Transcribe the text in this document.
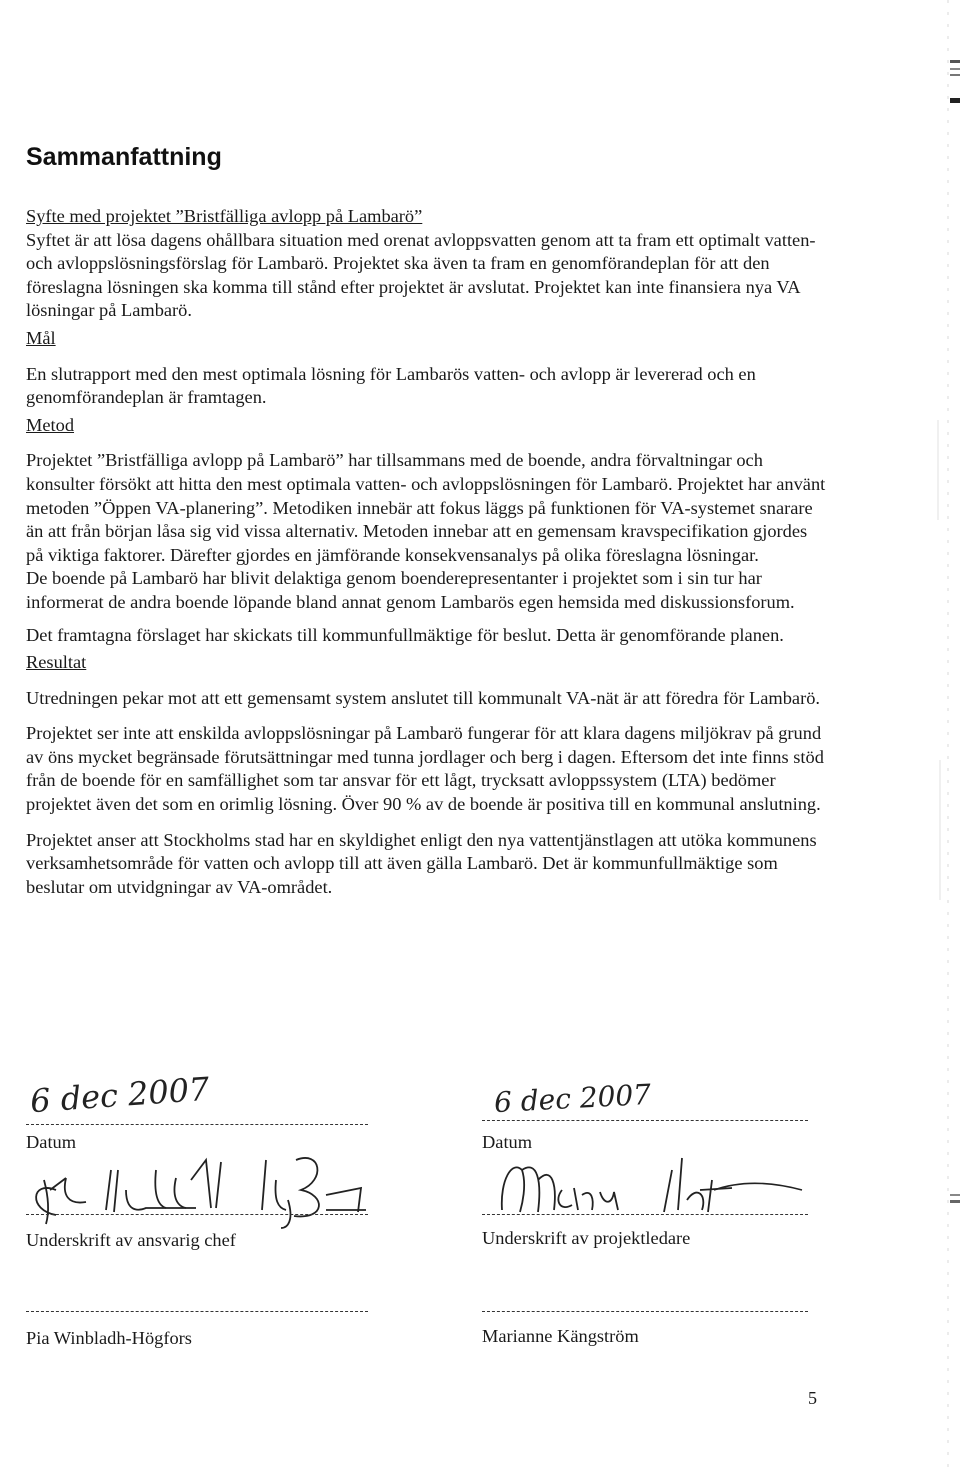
Sammanfattning

Syfte med projektet ”Bristfälliga avlopp på Lambarö”

Syftet är att lösa dagens ohållbara situation med orenat avloppsvatten genom att ta fram ett optimalt vatten- och avloppslösningsförslag för Lambarö. Projektet ska även ta fram en genomförandeplan för att den föreslagna lösningen ska komma till stånd efter projektet är avslutat. Projektet kan inte finansiera nya VA lösningar på Lambarö.

Mål

En slutrapport med den mest optimala lösning för Lambarös vatten- och avlopp är levererad och en genomförandeplan är framtagen.

Metod

Projektet ”Bristfälliga avlopp på Lambarö” har tillsammans med de boende, andra förvaltningar och konsulter försökt att hitta den mest optimala vatten- och avloppslösningen för Lambarö. Projektet har använt metoden ”Öppen VA-planering”. Metodiken innebär att fokus läggs på funktionen för VA-systemet snarare än att från början låsa sig vid vissa alternativ. Metoden innebar att en gemensam kravspecifikation gjordes på viktiga faktorer. Därefter gjordes en jämförande konsekvensanalys på olika föreslagna lösningar.

De boende på Lambarö har blivit delaktiga genom boenderepresentanter i projektet som i sin tur har informerat de andra boende löpande bland annat genom Lambarös egen hemsida med diskussionsforum.

Det framtagna förslaget har skickats till kommunfullmäktige för beslut. Detta är genomförande planen.

Resultat

Utredningen pekar mot att ett gemensamt system anslutet till kommunalt VA-nät är att föredra för Lambarö.

Projektet ser inte att enskilda avloppslösningar på Lambarö fungerar för att klara dagens miljökrav på grund av öns mycket begränsade förutsättningar med tunna jordlager och berg i dagen. Eftersom det inte finns stöd från de boende för en samfällighet som tar ansvar för ett lågt, trycksatt avloppssystem (LTA) bedömer projektet även det som en orimlig lösning. Över 90 % av de boende är positiva till en kommunal anslutning.

Projektet anser att Stockholms stad har en skyldighet enligt den nya vattentjänstlagen att utöka kommunens verksamhetsområde för vatten och avlopp till att även gälla Lambarö. Det är kommunfullmäktige som beslutar om utvidgningar av VA-området.

6 dec 2007
Datum
Underskrift av ansvarig chef
Pia Winbladh-Högfors
6 dec 2007
Datum
Underskrift av projektledare
Marianne Kängström
5
